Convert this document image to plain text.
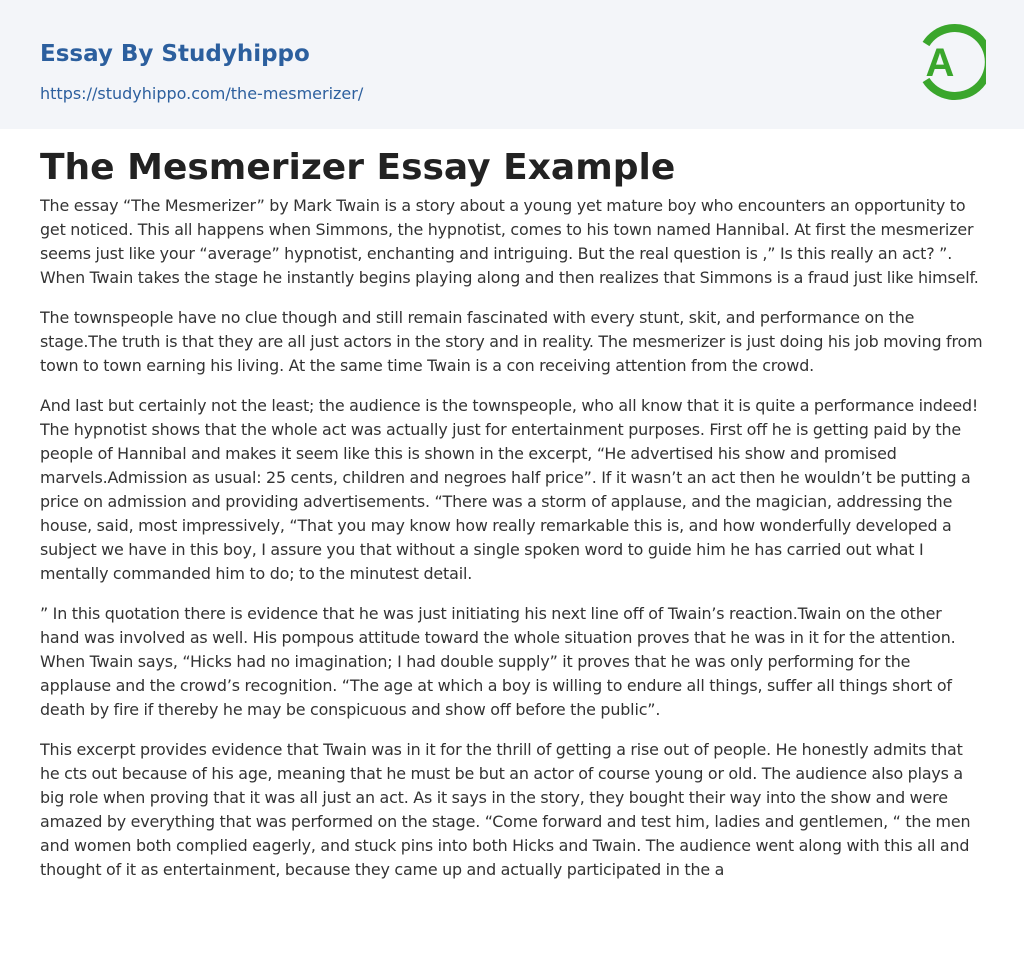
Essay By Studyhippo
https://studyhippo.com/the-mesmerizer/
A
The Mesmerizer Essay Example

The essay “The Mesmerizer” by Mark Twain is a story about a young yet mature boy who encounters an opportunity to get noticed. This all happens when Simmons, the hypnotist, comes to his town named Hannibal. At first the mesmerizer seems just like your “average” hypnotist, enchanting and intriguing. But the real question is ,” Is this really an act? ”. When Twain takes the stage he instantly begins playing along and then realizes that Simmons is a fraud just like himself.

The townspeople have no clue though and still remain fascinated with every stunt, skit, and performance on the stage.The truth is that they are all just actors in the story and in reality. The mesmerizer is just doing his job moving from town to town earning his living. At the same time Twain is a con receiving attention from the crowd.

And last but certainly not the least; the audience is the townspeople, who all know that it is quite a performance indeed! The hypnotist shows that the whole act was actually just for entertainment purposes. First off he is getting paid by the people of Hannibal and makes it seem like this is shown in the excerpt, “He advertised his show and promised marvels.Admission as usual: 25 cents, children and negroes half price”. If it wasn’t an act then he wouldn’t be putting a price on admission and providing advertisements. “There was a storm of applause, and the magician, addressing the house, said, most impressively, “That you may know how really remarkable this is, and how wonderfully developed a subject we have in this boy, I assure you that without a single spoken word to guide him he has carried out what I mentally commanded him to do; to the minutest detail.

” In this quotation there is evidence that he was just initiating his next line off of Twain’s reaction.Twain on the other hand was involved as well. His pompous attitude toward the whole situation proves that he was in it for the attention. When Twain says, “Hicks had no imagination; I had double supply” it proves that he was only performing for the applause and the crowd’s recognition. “The age at which a boy is willing to endure all things, suffer all things short of death by fire if thereby he may be conspicuous and show off before the public”.

This excerpt provides evidence that Twain was in it for the thrill of getting a rise out of people. He honestly admits that he cts out because of his age, meaning that he must be but an actor of course young or old. The audience also plays a big role when proving that it was all just an act. As it says in the story, they bought their way into the show and were amazed by everything that was performed on the stage. “Come forward and test him, ladies and gentlemen, “ the men and women both complied eagerly, and stuck pins into both Hicks and Twain. The audience went along with this all and thought of it as entertainment, because they came up and actually participated in the a
